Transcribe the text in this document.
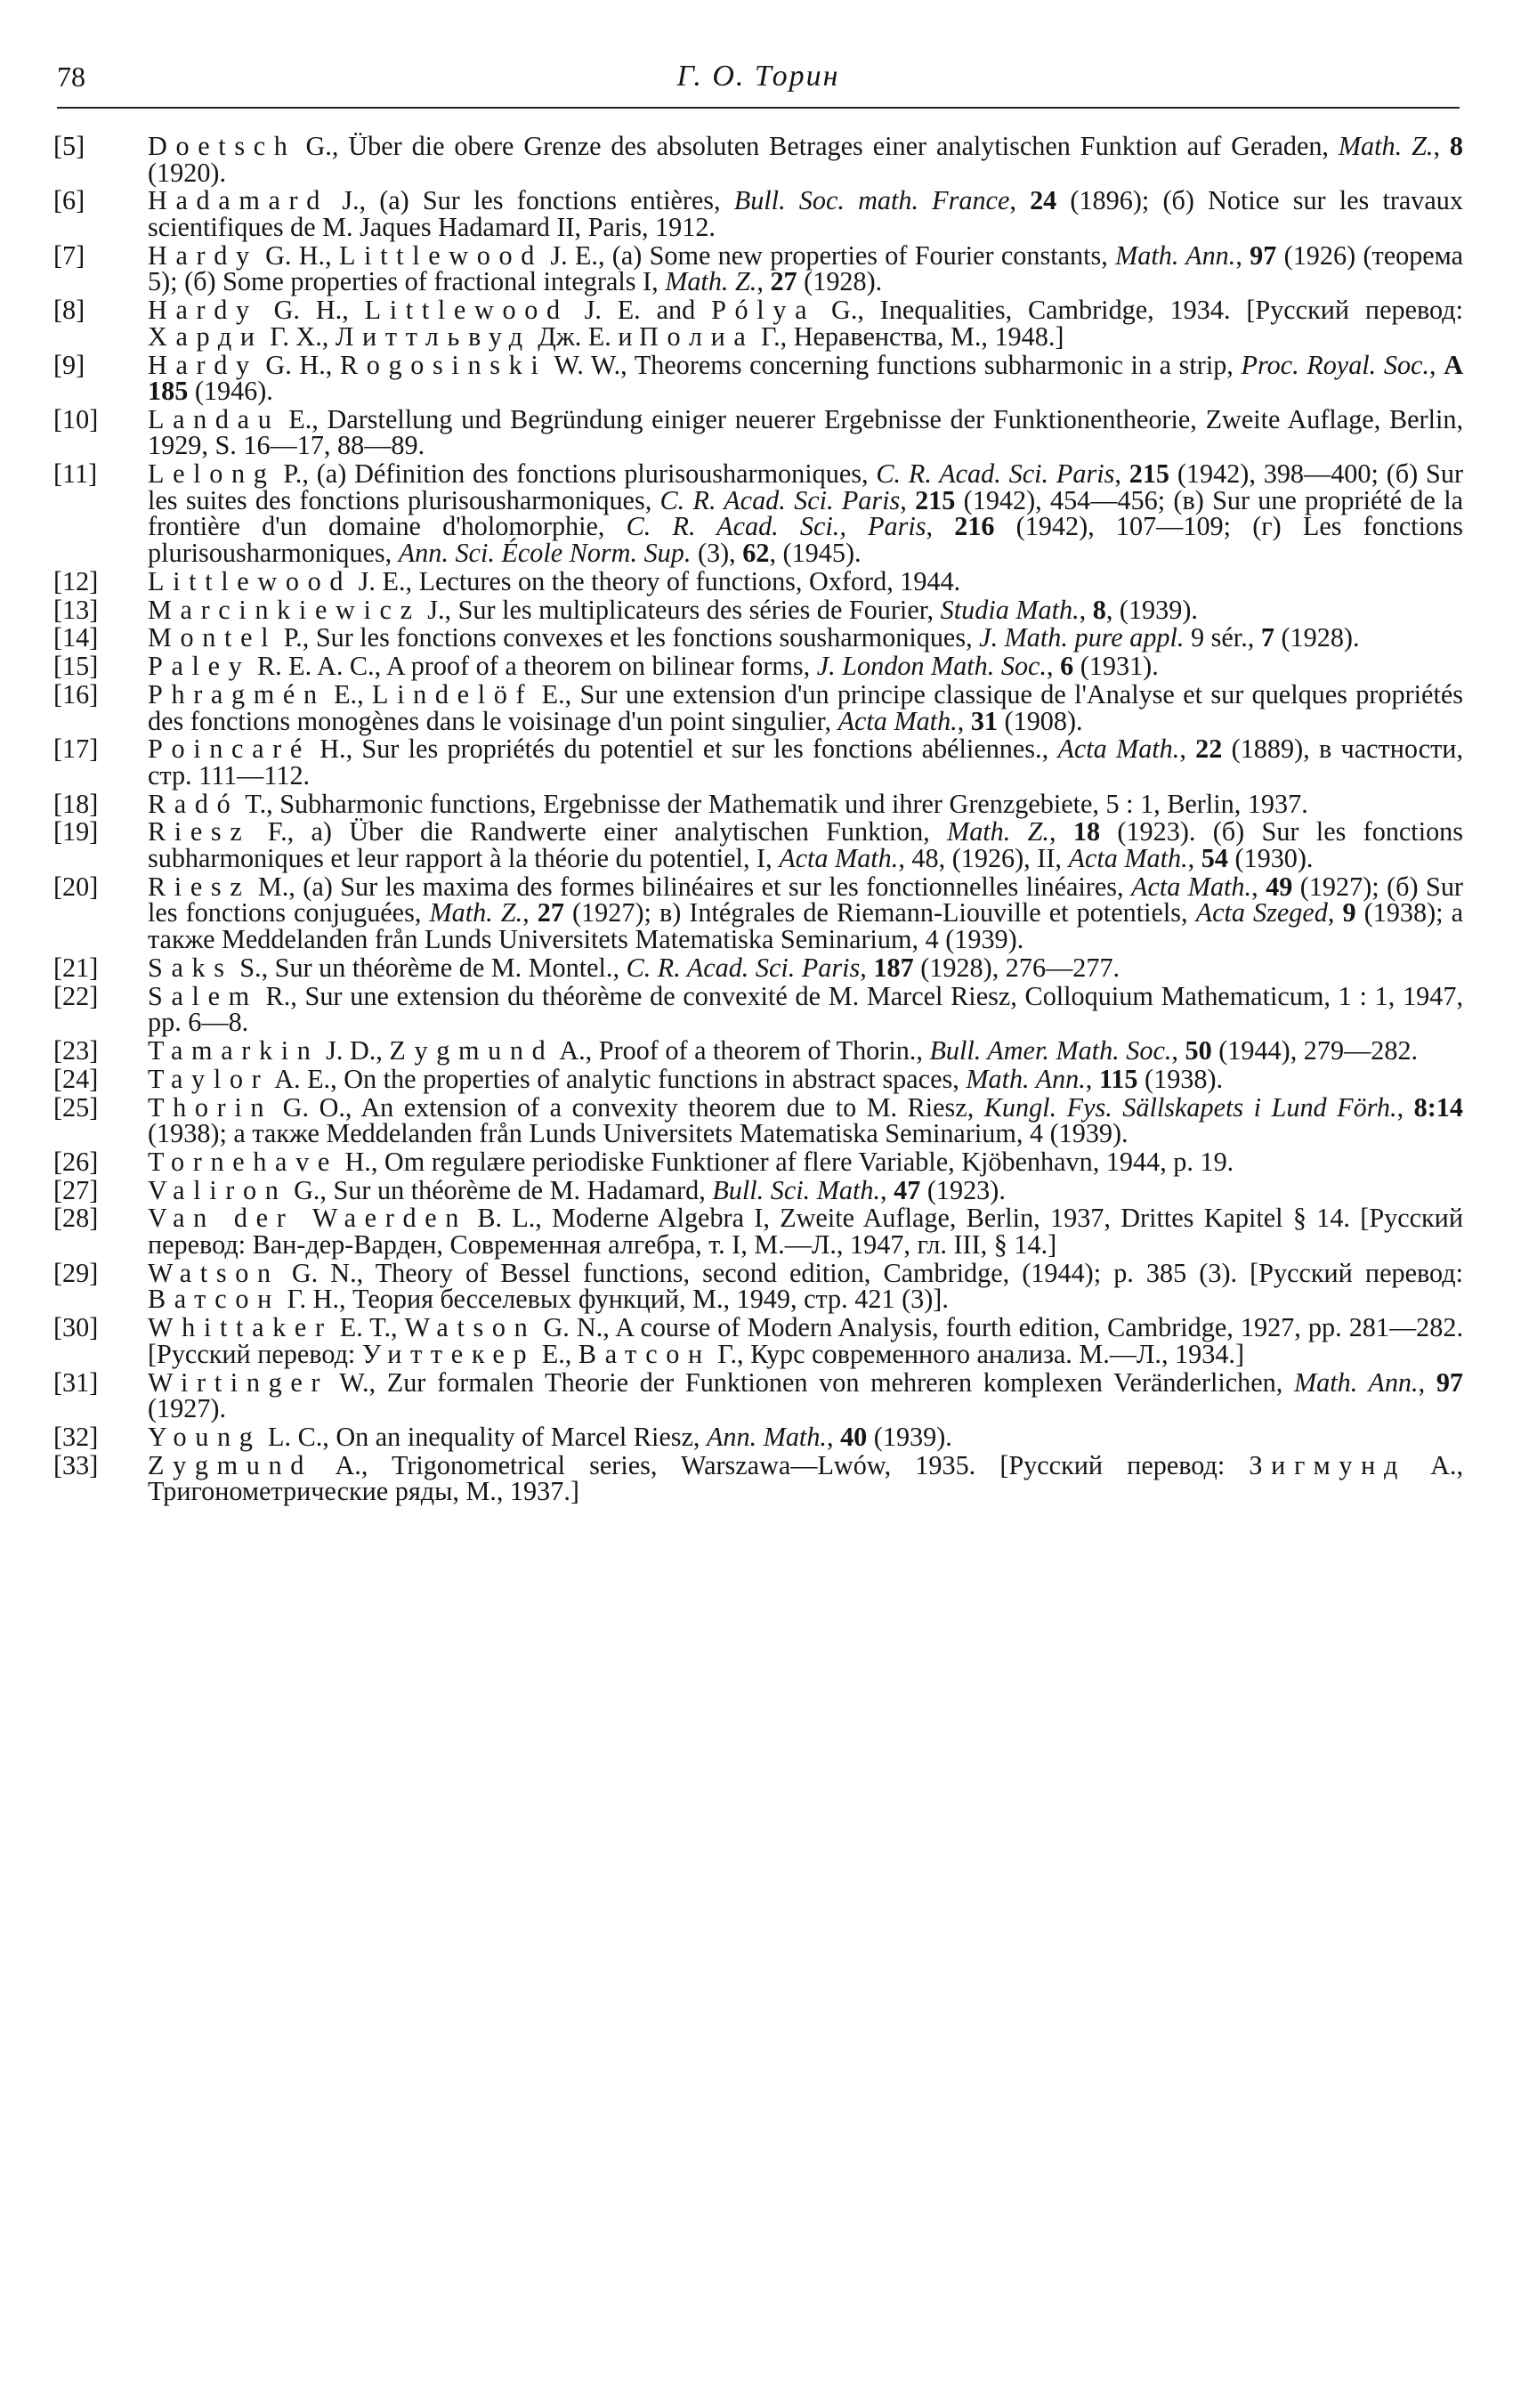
78	Г. О. Торин
[5] Doetsch G., Über die obere Grenze des absoluten Betrages einer analytischen Funktion auf Geraden, Math. Z., 8 (1920).
[6] Hadamard J., (a) Sur les fonctions entières, Bull. Soc. math. France, 24 (1896); (б) Notice sur les travaux scientifiques de M. Jaques Hadamard II, Paris, 1912.
[7] Hardy G. H., Littlewood J. E., (a) Some new properties of Fourier constants, Math. Ann., 97 (1926) (теорема 5); (б) Some properties of fractional integrals I, Math. Z., 27 (1928).
[8] Hardy G. H., Littlewood J. E. and Pólya G., Inequalities, Cambridge, 1934. [Русский перевод: Харди Г. Х., Литтльвуд Дж. Е. и Полиа Г., Неравенства, М., 1948.]
[9] Hardy G. H., Rogosinski W. W., Theorems concerning functions subharmonic in a strip, Proc. Royal. Soc., A 185 (1946).
[10] Landau E., Darstellung und Begründung einiger neuerer Ergebnisse der Funktionentheorie, Zweite Auflage, Berlin, 1929, S. 16—17, 88—89.
[11] Lelong P., (a) Définition des fonctions plurisousharmoniques, C. R. Acad. Sci. Paris, 215 (1942), 398—400; (б) Sur les suites des fonctions plurisousharmoniques, C. R. Acad. Sci. Paris, 215 (1942), 454—456; (в) Sur une propriété de la frontière d'un domaine d'holomorphie, C. R. Acad. Sci., Paris, 216 (1942), 107—109; (г) Les fonctions plurisousharmoniques, Ann. Sci. École Norm. Sup. (3), 62, (1945).
[12] Littlewood J. E., Lectures on the theory of functions, Oxford, 1944.
[13] Marcinkiewicz J., Sur les multiplicateurs des séries de Fourier, Studia Math., 8, (1939).
[14] Montel P., Sur les fonctions convexes et les fonctions sousharmoniques, J. Math. pure appl. 9 sér., 7 (1928).
[15] Paley R. E. A. C., A proof of a theorem on bilinear forms, J. London Math. Soc., 6 (1931).
[16] Phragmén E., Lindelöf E., Sur une extension d'un principe classique de l'Analyse et sur quelques propriétés des fonctions monogènes dans le voisinage d'un point singulier, Acta Math., 31 (1908).
[17] Poincaré H., Sur les propriétés du potentiel et sur les fonctions abéliennes., Acta Math., 22 (1889), в частности, стр. 111—112.
[18] Radó T., Subharmonic functions, Ergebnisse der Mathematik und ihrer Grenzgebiete, 5 : 1, Berlin, 1937.
[19] Riesz F., a) Über die Randwerte einer analytischen Funktion, Math. Z., 18 (1923). (б) Sur les fonctions subharmoniques et leur rapport à la théorie du potentiel, I, Acta Math., 48, (1926), II, Acta Math., 54 (1930).
[20] Riesz M., (a) Sur les maxima des formes bilinéaires et sur les fonctionnelles linéaires, Acta Math., 49 (1927); (б) Sur les fonctions conjuguées, Math. Z., 27 (1927); в) Intégrales de Riemann-Liouville et potentiels, Acta Szeged, 9 (1938); а также Meddelanden från Lunds Universitets Matematiska Seminarium, 4 (1939).
[21] Saks S., Sur un théorème de M. Montel., C. R. Acad. Sci. Paris, 187 (1928), 276—277.
[22] Salem R., Sur une extension du théorème de convexité de M. Marcel Riesz, Colloquium Mathematicum, 1 : 1, 1947, pp. 6—8.
[23] Tamarkin J. D., Zygmund A., Proof of a theorem of Thorin., Bull. Amer. Math. Soc., 50 (1944), 279—282.
[24] Taylor A. E., On the properties of analytic functions in abstract spaces, Math. Ann., 115 (1938).
[25] Thorin G. O., An extension of a convexity theorem due to M. Riesz, Kungl. Fys. Sällskapets i Lund Förh., 8:14 (1938); а также Meddelanden från Lunds Universitets Matematiska Seminarium, 4 (1939).
[26] Tornehave H., Om regulære periodiske Funktioner af flere Variable, Kjöbenhavn, 1944, p. 19.
[27] Valiron G., Sur un théorème de M. Hadamard, Bull. Sci. Math., 47 (1923).
[28] Van der Waerden B. L., Moderne Algebra I, Zweite Auflage, Berlin, 1937, Drittes Kapitel § 14. [Русский перевод: Ван-дер-Варден, Современная алгебра, т. I, М.—Л., 1947, гл. III, § 14.]
[29] Watson G. N., Theory of Bessel functions, second edition, Cambridge, (1944); p. 385 (3). [Русский перевод: Ватсон Г. Н., Теория бесселевых функций, М., 1949, стр. 421 (3)].
[30] Whittaker E. T., Watson G. N., A course of Modern Analysis, fourth edition, Cambridge, 1927, pp. 281—282. [Русский перевод: Уиттекер Е., Ватсон Г., Курс современного анализа. М.—Л., 1934.]
[31] Wirtinger W., Zur formalen Theorie der Funktionen von mehreren komplexen Veränderlichen, Math. Ann., 97 (1927).
[32] Young L. C., On an inequality of Marcel Riesz, Ann. Math., 40 (1939).
[33] Zygmund A., Trigonometrical series, Warszawa—Lwów, 1935. [Русский перевод: Зигмунд А., Тригонометрические ряды, М., 1937.]
